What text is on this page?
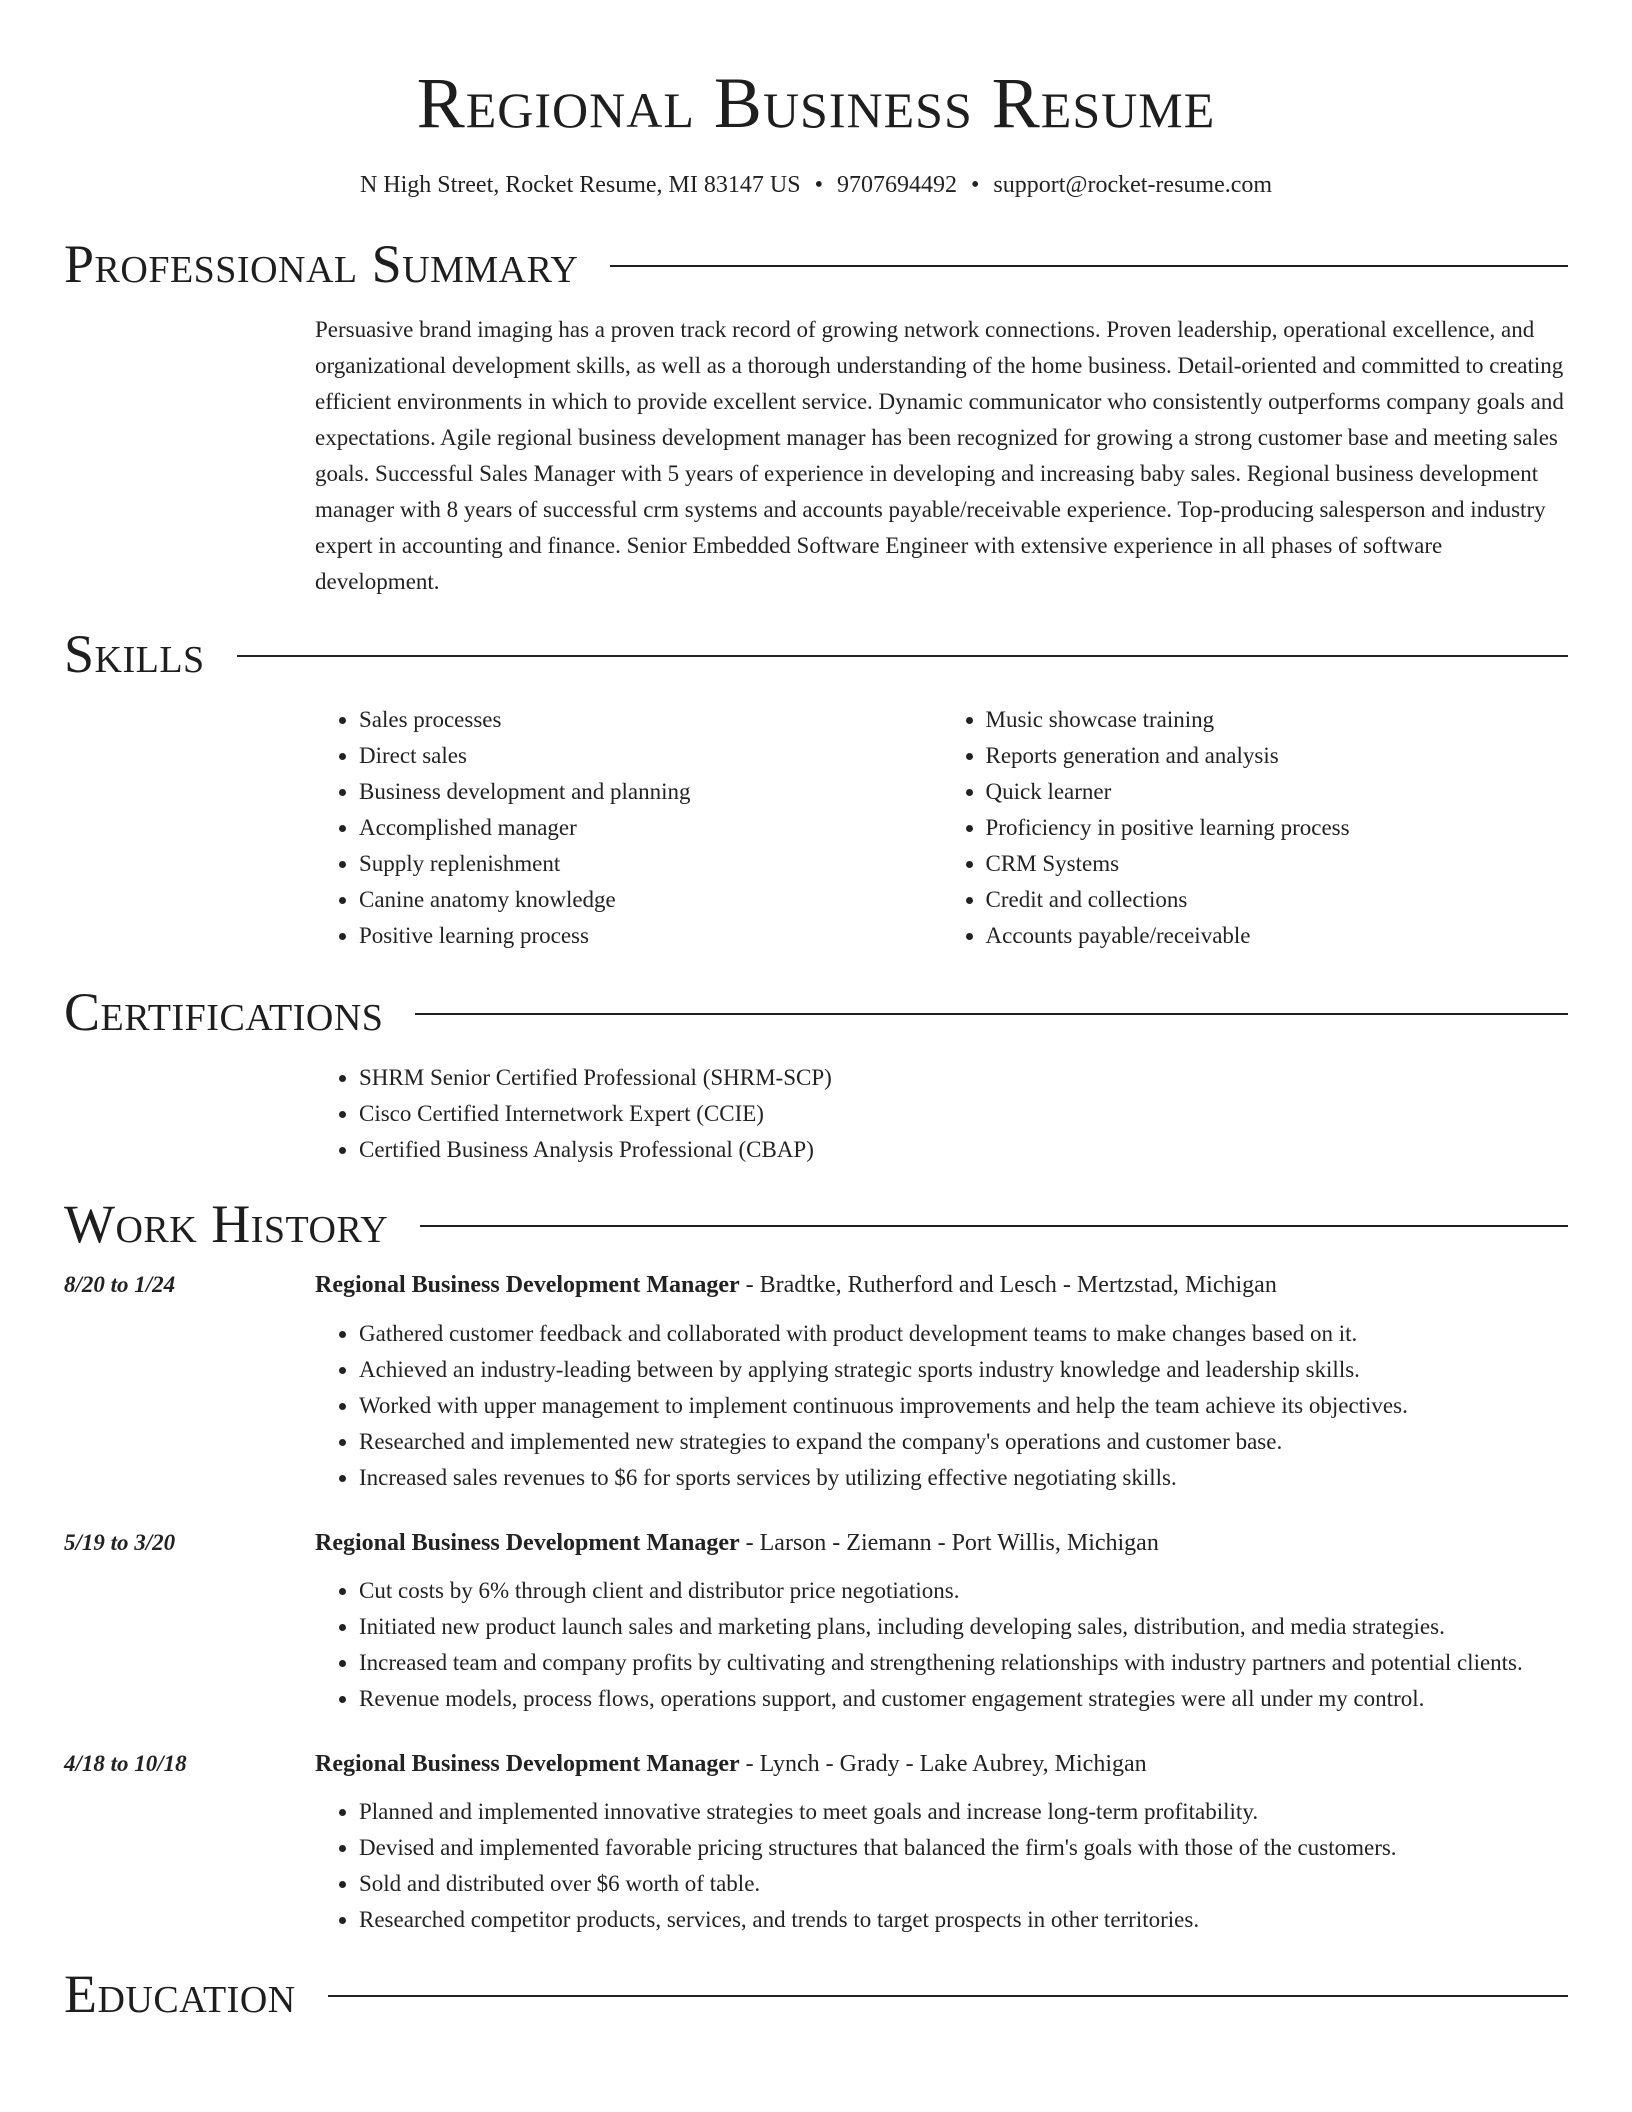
Regional Business Resume
N High Street, Rocket Resume, MI 83147 US • 9707694492 • support@rocket-resume.com
Professional Summary
Persuasive brand imaging has a proven track record of growing network connections. Proven leadership, operational excellence, and organizational development skills, as well as a thorough understanding of the home business. Detail-oriented and committed to creating efficient environments in which to provide excellent service. Dynamic communicator who consistently outperforms company goals and expectations. Agile regional business development manager has been recognized for growing a strong customer base and meeting sales goals. Successful Sales Manager with 5 years of experience in developing and increasing baby sales. Regional business development manager with 8 years of successful crm systems and accounts payable/receivable experience. Top-producing salesperson and industry expert in accounting and finance. Senior Embedded Software Engineer with extensive experience in all phases of software development.
Skills
• Sales processes
• Direct sales
• Business development and planning
• Accomplished manager
• Supply replenishment
• Canine anatomy knowledge
• Positive learning process
• Music showcase training
• Reports generation and analysis
• Quick learner
• Proficiency in positive learning process
• CRM Systems
• Credit and collections
• Accounts payable/receivable
Certifications
• SHRM Senior Certified Professional (SHRM-SCP)
• Cisco Certified Internetwork Expert (CCIE)
• Certified Business Analysis Professional (CBAP)
Work History
8/20 to 1/24	Regional Business Development Manager - Bradtke, Rutherford and Lesch - Mertzstad, Michigan
• Gathered customer feedback and collaborated with product development teams to make changes based on it.
• Achieved an industry-leading between by applying strategic sports industry knowledge and leadership skills.
• Worked with upper management to implement continuous improvements and help the team achieve its objectives.
• Researched and implemented new strategies to expand the company's operations and customer base.
• Increased sales revenues to $6 for sports services by utilizing effective negotiating skills.
5/19 to 3/20	Regional Business Development Manager - Larson - Ziemann - Port Willis, Michigan
• Cut costs by 6% through client and distributor price negotiations.
• Initiated new product launch sales and marketing plans, including developing sales, distribution, and media strategies.
• Increased team and company profits by cultivating and strengthening relationships with industry partners and potential clients.
• Revenue models, process flows, operations support, and customer engagement strategies were all under my control.
4/18 to 10/18	Regional Business Development Manager - Lynch - Grady - Lake Aubrey, Michigan
• Planned and implemented innovative strategies to meet goals and increase long-term profitability.
• Devised and implemented favorable pricing structures that balanced the firm's goals with those of the customers.
• Sold and distributed over $6 worth of table.
• Researched competitor products, services, and trends to target prospects in other territories.
Education
